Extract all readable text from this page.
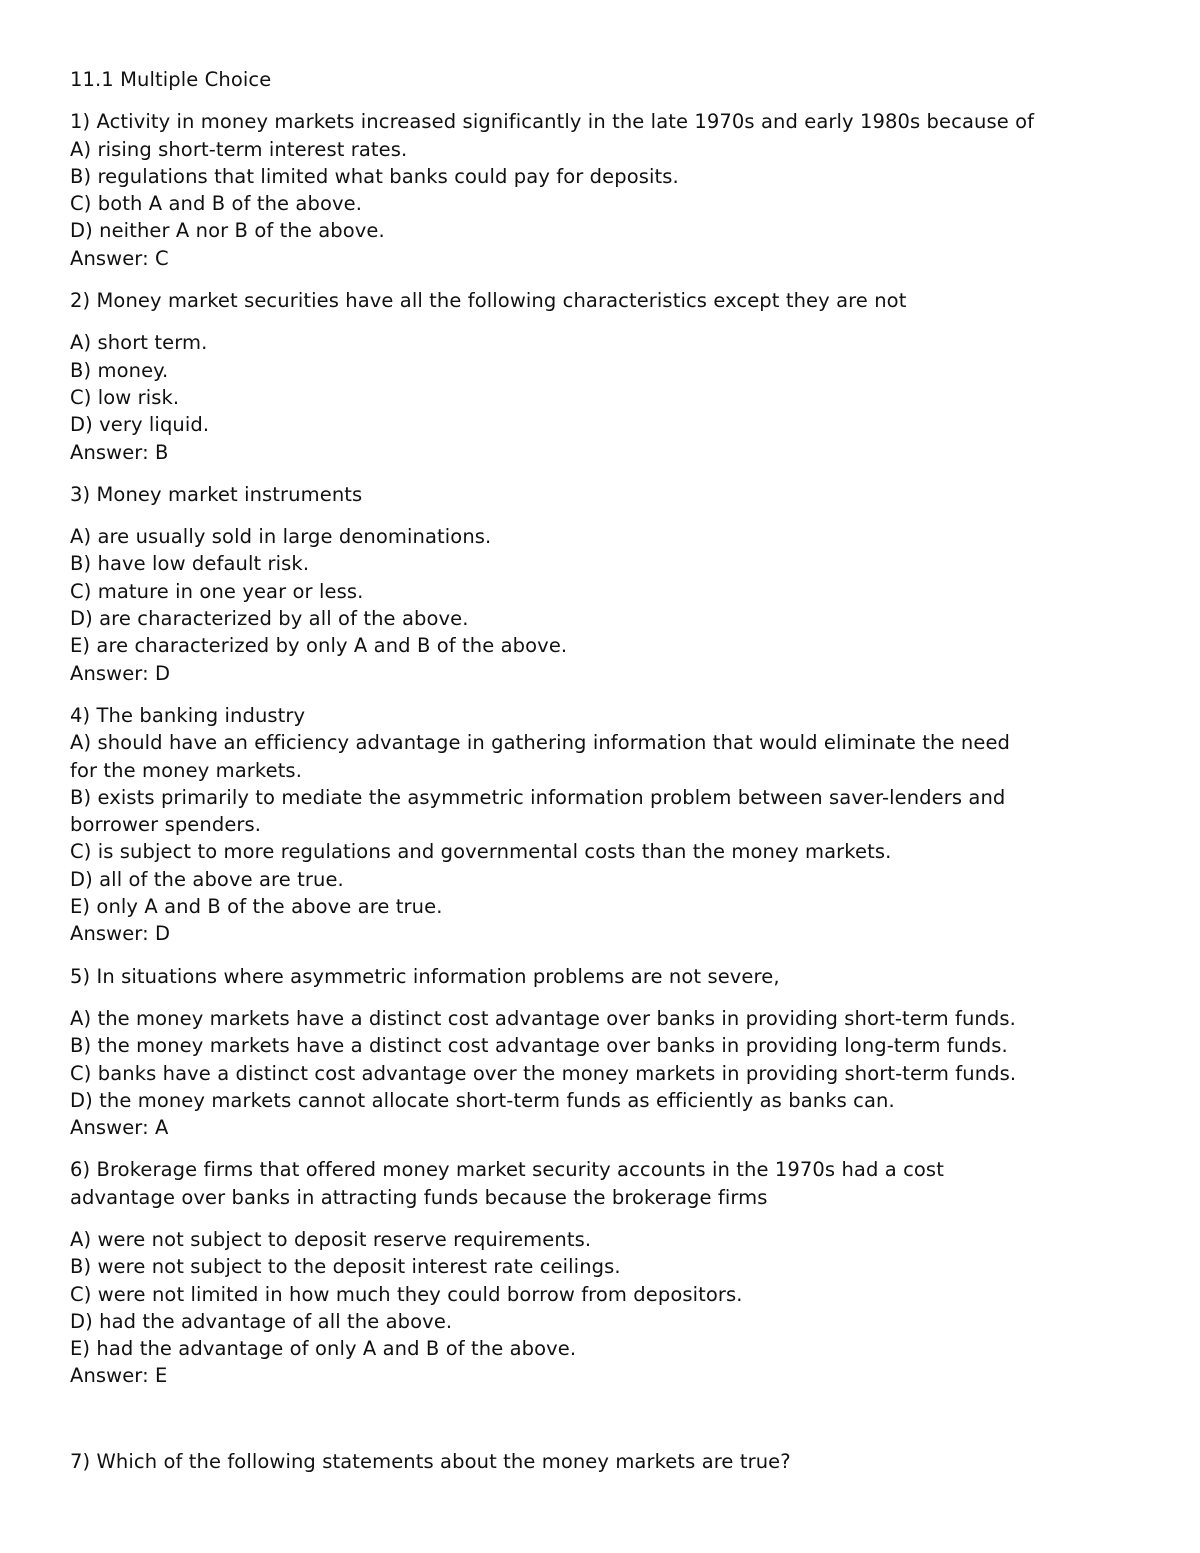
11.1 Multiple Choice

1) Activity in money markets increased significantly in the late 1970s and early 1980s because of

A) rising short-term interest rates.

B) regulations that limited what banks could pay for deposits.

C) both A and B of the above.

D) neither A nor B of the above.

Answer: C

2) Money market securities have all the following characteristics except they are not

A) short term.

B) money.

C) low risk.

D) very liquid.

Answer: B

3) Money market instruments

A) are usually sold in large denominations.

B) have low default risk.

C) mature in one year or less.

D) are characterized by all of the above.

E) are characterized by only A and B of the above.

Answer: D

4) The banking industry

A) should have an efficiency advantage in gathering information that would eliminate the need

for the money markets.

B) exists primarily to mediate the asymmetric information problem between saver-lenders and

borrower spenders.

C) is subject to more regulations and governmental costs than the money markets.

D) all of the above are true.

E) only A and B of the above are true.

Answer: D

5) In situations where asymmetric information problems are not severe,

A) the money markets have a distinct cost advantage over banks in providing short-term funds.

B) the money markets have a distinct cost advantage over banks in providing long-term funds.

C) banks have a distinct cost advantage over the money markets in providing short-term funds.

D) the money markets cannot allocate short-term funds as efficiently as banks can.

Answer: A

6) Brokerage firms that offered money market security accounts in the 1970s had a cost

advantage over banks in attracting funds because the brokerage firms

A) were not subject to deposit reserve requirements.

B) were not subject to the deposit interest rate ceilings.

C) were not limited in how much they could borrow from depositors.

D) had the advantage of all the above.

E) had the advantage of only A and B of the above.

Answer: E

7) Which of the following statements about the money markets are true?
